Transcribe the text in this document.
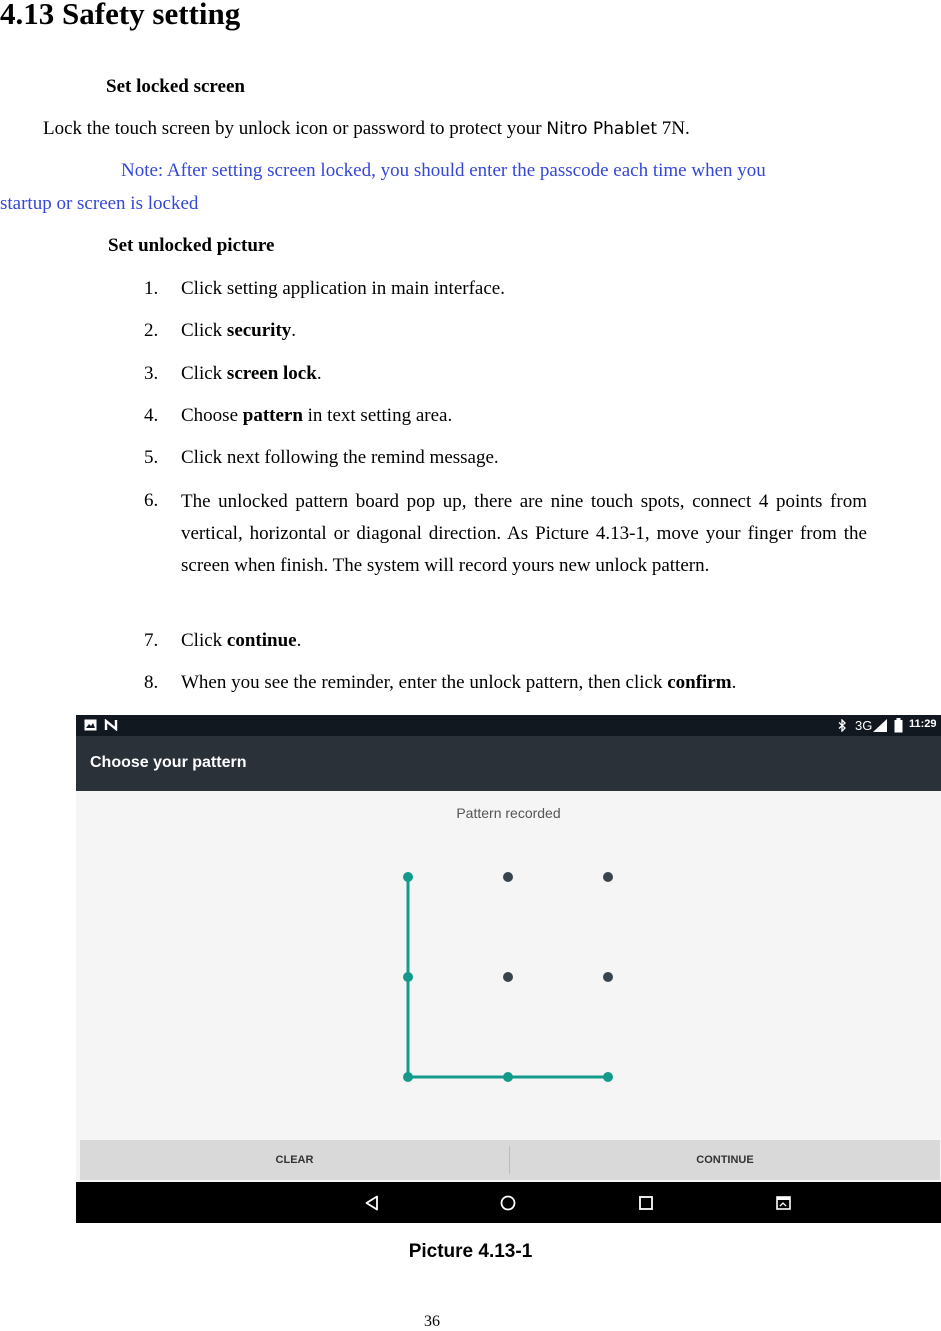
4.13 Safety setting
Set locked screen
Lock the touch screen by unlock icon or password to protect your Nitro Phablet 7N.
Note: After setting screen locked, you should enter the passcode each time when you
startup or screen is locked
Set unlocked picture
1. Click setting application in main interface.
2. Click security.
3. Click screen lock.
4. Choose pattern in text setting area.
5. Click next following the remind message.
6. The unlocked pattern board pop up, there are nine touch spots, connect 4 points from vertical, horizontal or diagonal direction. As Picture 4.13-1, move your finger from the screen when finish. The system will record yours new unlock pattern.
7. Click continue.
8. When you see the reminder, enter the unlock pattern, then click confirm.
3G	11:29
Choose your pattern
Pattern recorded
CLEAR	CONTINUE
Picture 4.13-1
36
